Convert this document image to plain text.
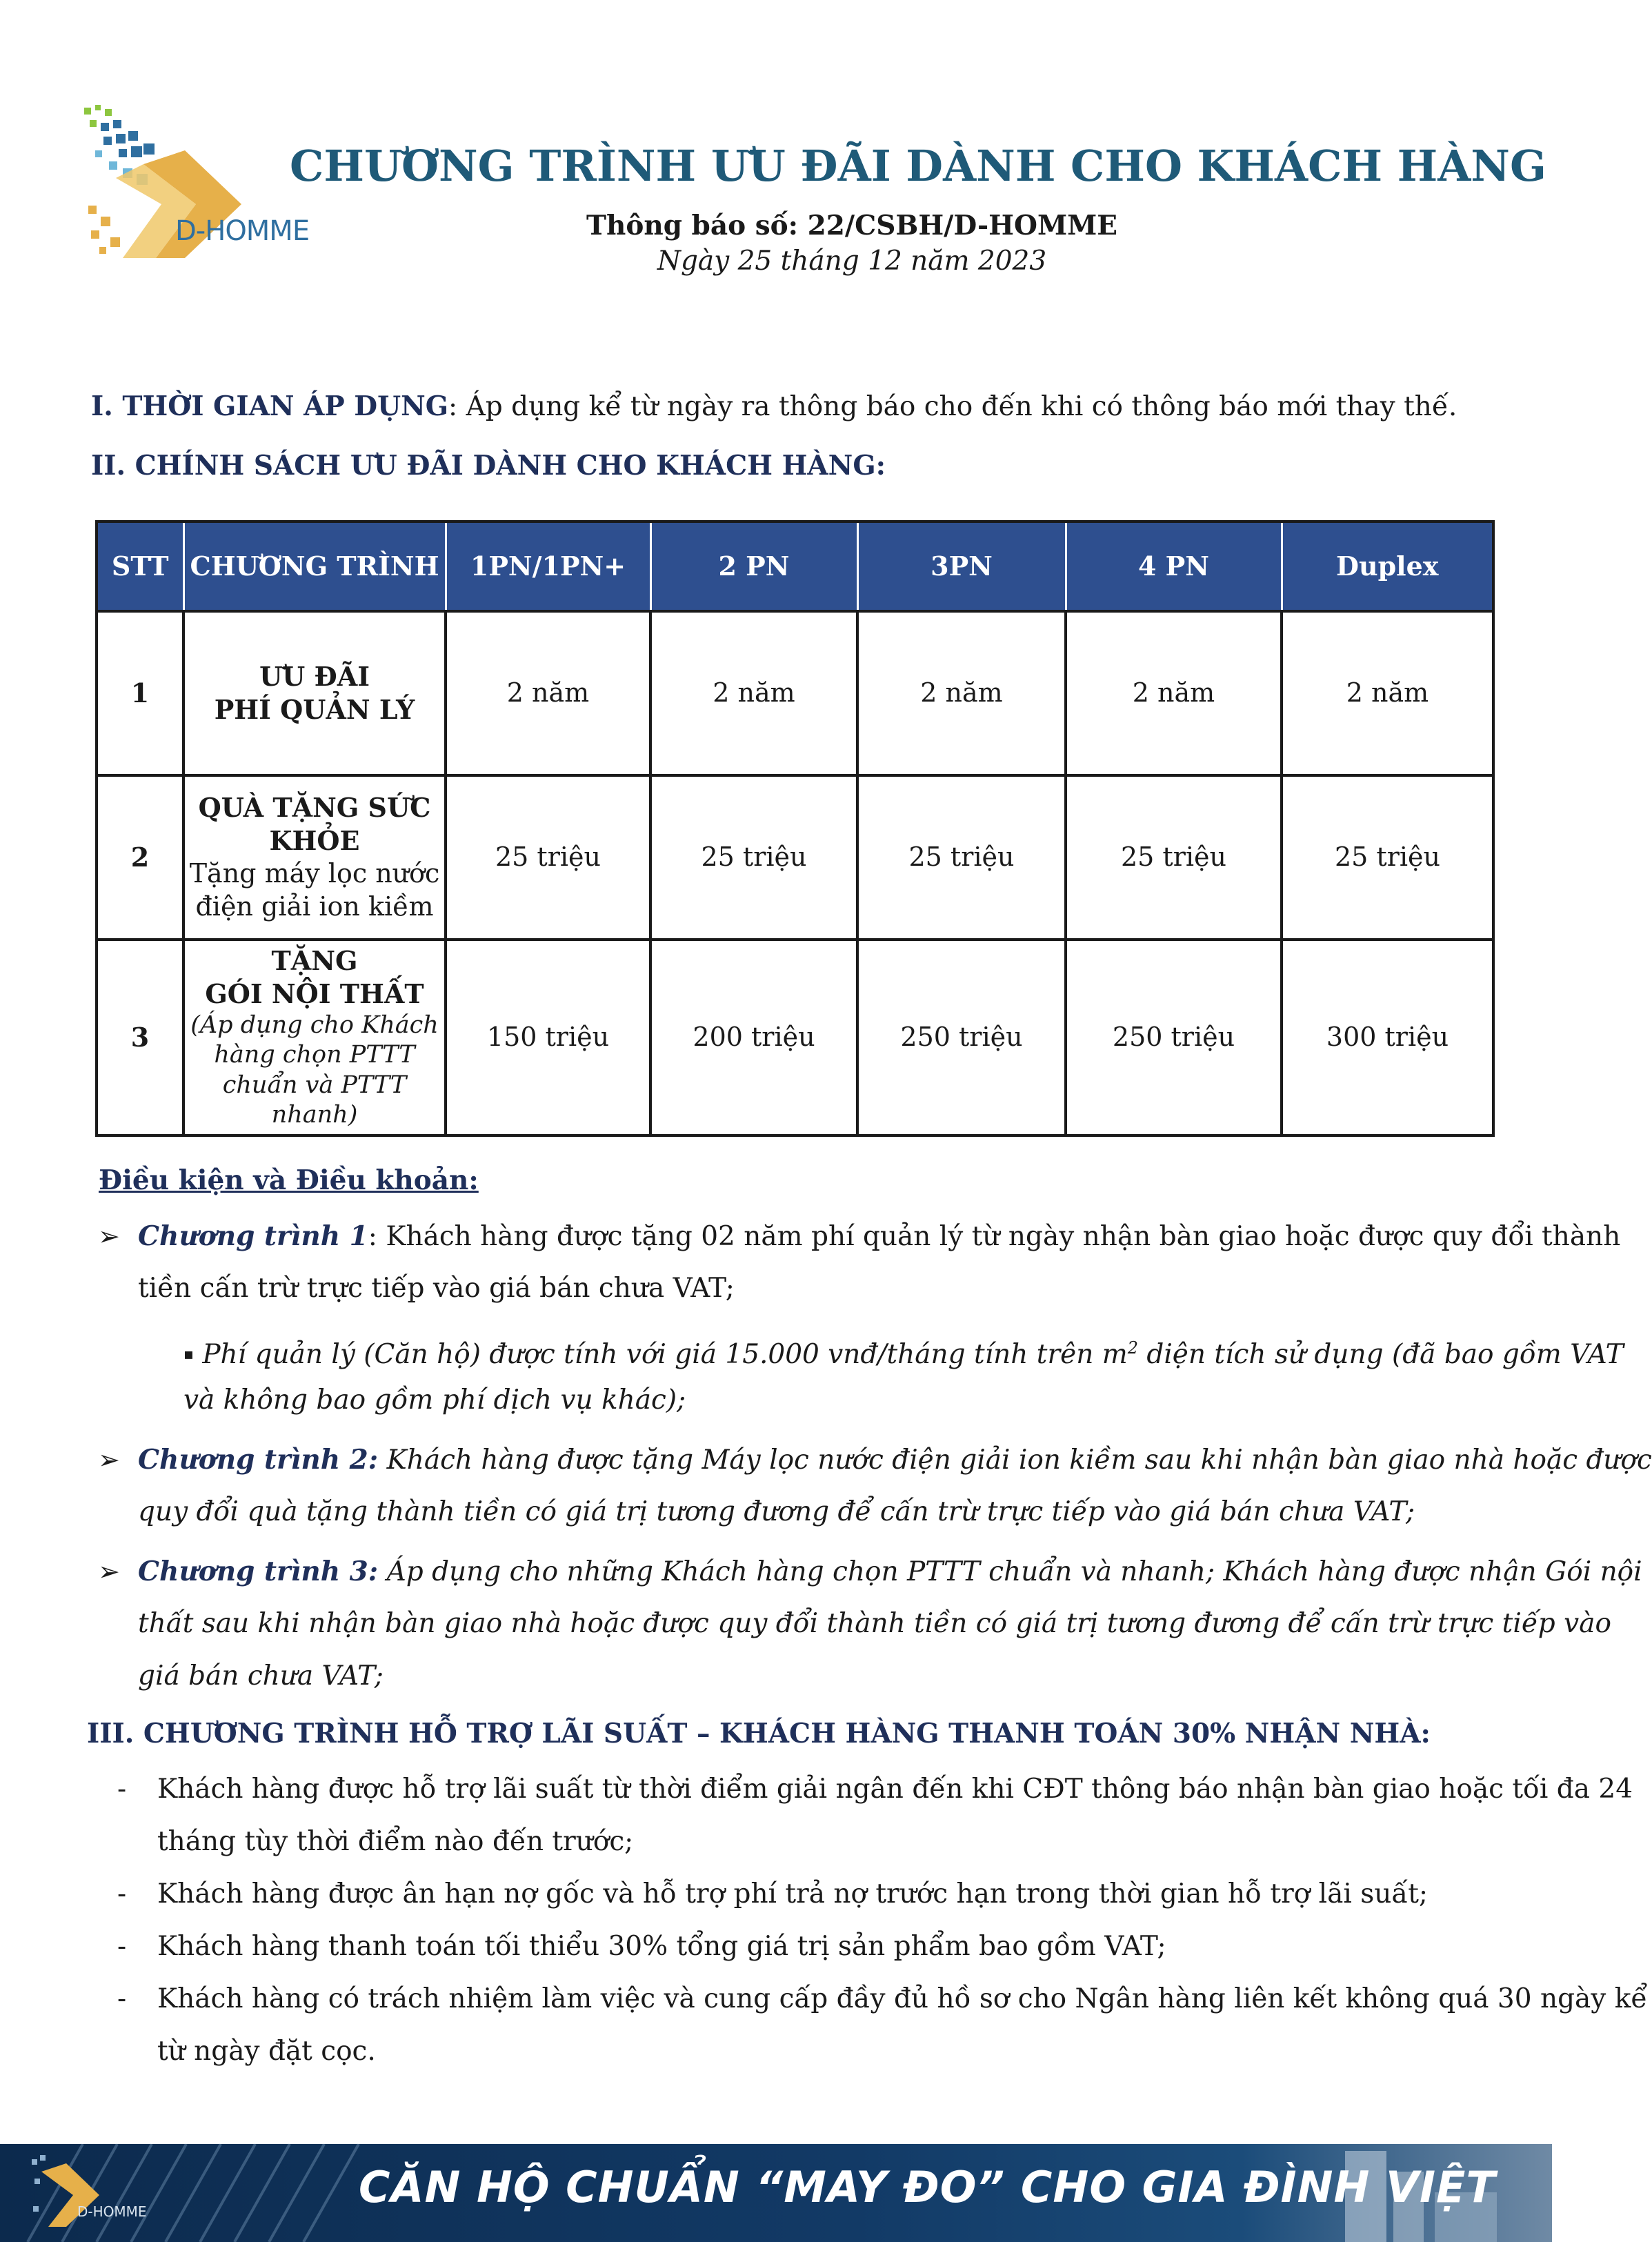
D-HOMME
CHƯƠNG TRÌNH ƯU ĐÃI DÀNH CHO KHÁCH HÀNG
Thông báo số: 22/CSBH/D-HOMME
Ngày 25 tháng 12 năm 2023
I. THỜI GIAN ÁP DỤNG: Áp dụng kể từ ngày ra thông báo cho đến khi có thông báo mới thay thế.
II. CHÍNH SÁCH ƯU ĐÃI DÀNH CHO KHÁCH HÀNG:
STT	CHƯƠNG TRÌNH	1PN/1PN+	2 PN	3PN	4 PN	Duplex
1	ƯU ĐÃI
PHÍ QUẢN LÝ	2 năm	2 năm	2 năm	2 năm	2 năm
2	QUÀ TẶNG SỨC
KHỎE
Tặng máy lọc nước điện giải ion kiềm	25 triệu	25 triệu	25 triệu	25 triệu	25 triệu
3	TẶNG
GÓI NỘI THẤT
(Áp dụng cho Khách hàng chọn PTTT chuẩn và PTTT nhanh)	150 triệu	200 triệu	250 triệu	250 triệu	300 triệu
Điều kiện và Điều khoản:
➢ Chương trình 1: Khách hàng được tặng 02 năm phí quản lý từ ngày nhận bàn giao hoặc được quy đổi thành
tiền cấn trừ trực tiếp vào giá bán chưa VAT;
▪ Phí quản lý (Căn hộ) được tính với giá 15.000 vnđ/tháng tính trên $m^2$ diện tích sử dụng (đã bao gồm VAT
và không bao gồm phí dịch vụ khác);
➢ Chương trình 2: Khách hàng được tặng Máy lọc nước điện giải ion kiềm sau khi nhận bàn giao nhà hoặc được
quy đổi quà tặng thành tiền có giá trị tương đương để cấn trừ trực tiếp vào giá bán chưa VAT;
➢ Chương trình 3: Áp dụng cho những Khách hàng chọn PTTT chuẩn và nhanh; Khách hàng được nhận Gói nội
thất sau khi nhận bàn giao nhà hoặc được quy đổi thành tiền có giá trị tương đương để cấn trừ trực tiếp vào
giá bán chưa VAT;
III. CHƯƠNG TRÌNH HỖ TRỢ LÃI SUẤT – KHÁCH HÀNG THANH TOÁN 30% NHẬN NHÀ:
- Khách hàng được hỗ trợ lãi suất từ thời điểm giải ngân đến khi CĐT thông báo nhận bàn giao hoặc tối đa 24
tháng tùy thời điểm nào đến trước;
- Khách hàng được ân hạn nợ gốc và hỗ trợ phí trả nợ trước hạn trong thời gian hỗ trợ lãi suất;
- Khách hàng thanh toán tối thiểu 30% tổng giá trị sản phẩm bao gồm VAT;
- Khách hàng có trách nhiệm làm việc và cung cấp đầy đủ hồ sơ cho Ngân hàng liên kết không quá 30 ngày kể
từ ngày đặt cọc.
D-HOMME	CĂN HỘ CHUẨN “MAY ĐO” CHO GIA ĐÌNH VIỆT
